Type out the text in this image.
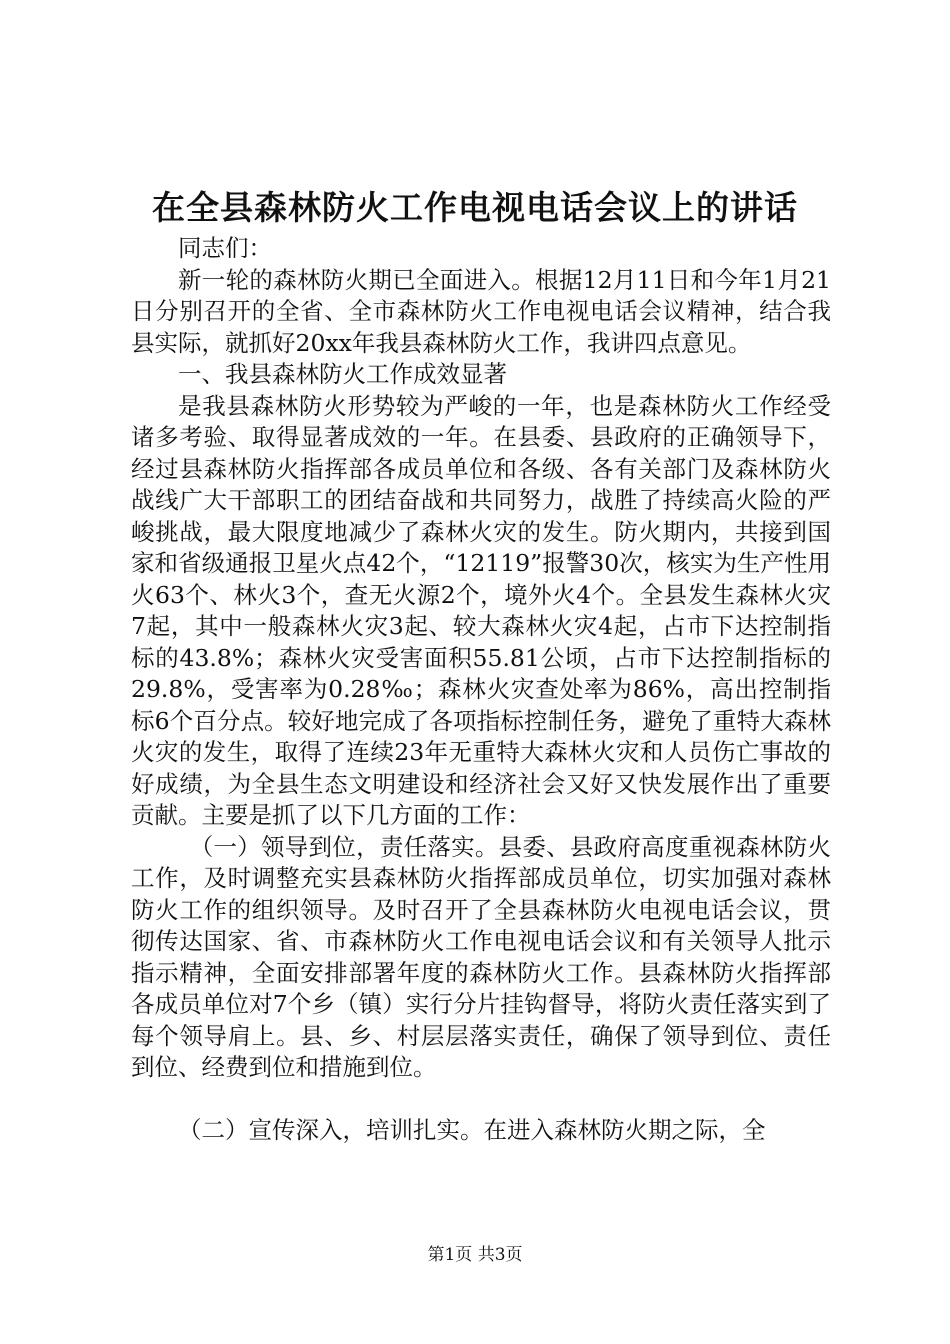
在全县森林防火工作电视电话会议上的讲话

同志们：

新一轮的森林防火期已全面进入。根据12月11日和今年1月21日分别召开的全省、全市森林防火工作电视电话会议精神，结合我县实际，就抓好20xx年我县森林防火工作，我讲四点意见。

一、我县森林防火工作成效显著

是我县森林防火形势较为严峻的一年，也是森林防火工作经受诸多考验、取得显著成效的一年。在县委、县政府的正确领导下，经过县森林防火指挥部各成员单位和各级、各有关部门及森林防火战线广大干部职工的团结奋战和共同努力，战胜了持续高火险的严峻挑战，最大限度地减少了森林火灾的发生。防火期内，共接到国家和省级通报卫星火点42个，“12119”报警30次，核实为生产性用火63个、林火3个，查无火源2个，境外火4个。全县发生森林火灾7起，其中一般森林火灾3起、较大森林火灾4起，占市下达控制指标的43.8%；森林火灾受害面积55.81公顷，占市下达控制指标的29.8%，受害率为0.28‰；森林火灾查处率为86%，高出控制指标6个百分点。较好地完成了各项指标控制任务，避免了重特大森林火灾的发生，取得了连续23年无重特大森林火灾和人员伤亡事故的好成绩，为全县生态文明建设和经济社会又好又快发展作出了重要贡献。主要是抓了以下几方面的工作：

（一）领导到位，责任落实。县委、县政府高度重视森林防火工作，及时调整充实县森林防火指挥部成员单位，切实加强对森林防火工作的组织领导。及时召开了全县森林防火电视电话会议，贯彻传达国家、省、市森林防火工作电视电话会议和有关领导人批示指示精神，全面安排部署年度的森林防火工作。县森林防火指挥部各成员单位对7个乡（镇）实行分片挂钩督导，将防火责任落实到了每个领导肩上。县、乡、村层层落实责任，确保了领导到位、责任到位、经费到位和措施到位。

（二）宣传深入，培训扎实。在进入森林防火期之际，全

第1页 共3页
